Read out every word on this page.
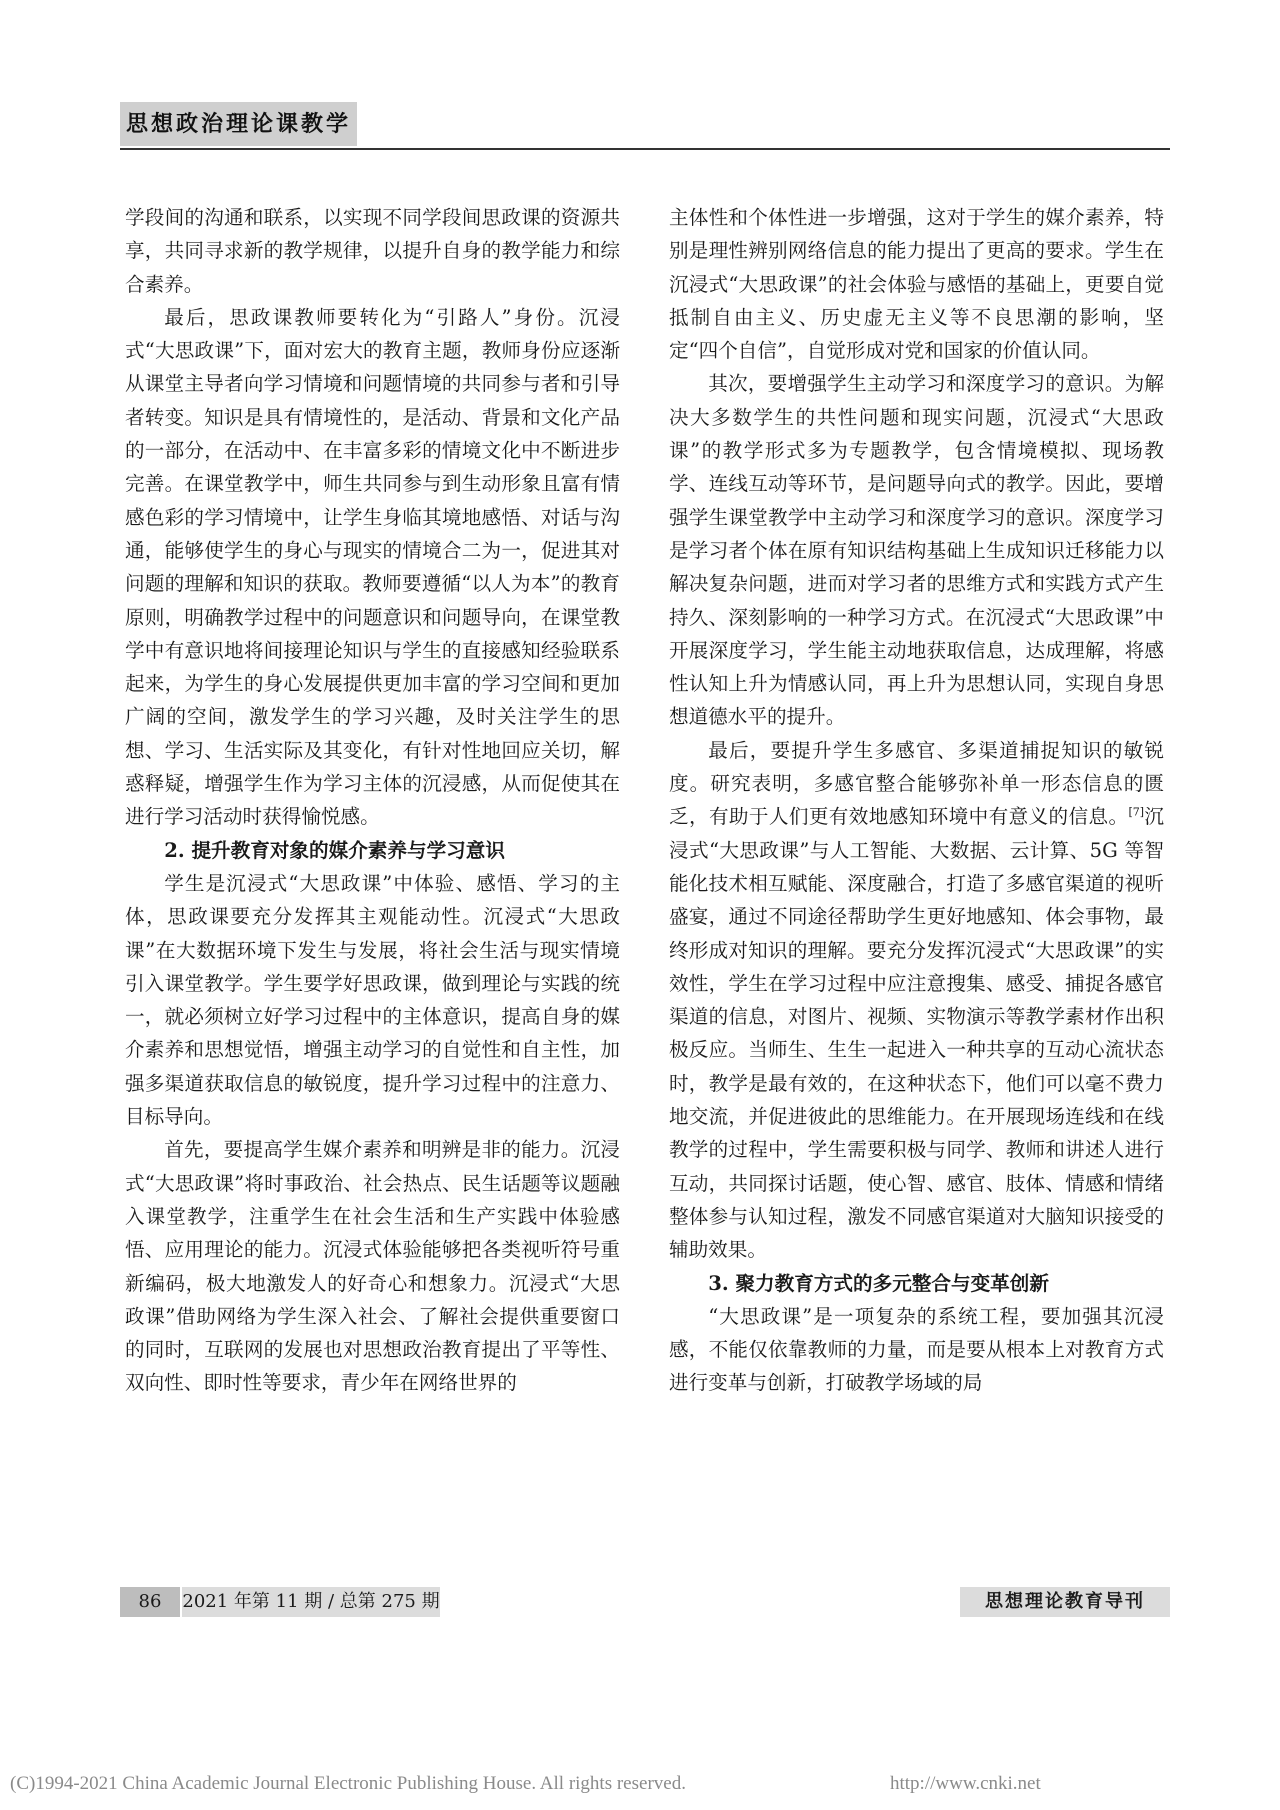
思想政治理论课教学

学段间的沟通和联系，以实现不同学段间思政课的资源共享，共同寻求新的教学规律，以提升自身的教学能力和综合素养。

最后，思政课教师要转化为“引路人”身份。沉浸式“大思政课”下，面对宏大的教育主题，教师身份应逐渐从课堂主导者向学习情境和问题情境的共同参与者和引导者转变。知识是具有情境性的，是活动、背景和文化产品的一部分，在活动中、在丰富多彩的情境文化中不断进步完善。在课堂教学中，师生共同参与到生动形象且富有情感色彩的学习情境中，让学生身临其境地感悟、对话与沟通，能够使学生的身心与现实的情境合二为一，促进其对问题的理解和知识的获取。教师要遵循“以人为本”的教育原则，明确教学过程中的问题意识和问题导向，在课堂教学中有意识地将间接理论知识与学生的直接感知经验联系起来，为学生的身心发展提供更加丰富的学习空间和更加广阔的空间，激发学生的学习兴趣，及时关注学生的思想、学习、生活实际及其变化，有针对性地回应关切，解惑释疑，增强学生作为学习主体的沉浸感，从而促使其在进行学习活动时获得愉悦感。

2. 提升教育对象的媒介素养与学习意识

学生是沉浸式“大思政课”中体验、感悟、学习的主体，思政课要充分发挥其主观能动性。沉浸式“大思政课”在大数据环境下发生与发展，将社会生活与现实情境引入课堂教学。学生要学好思政课，做到理论与实践的统一，就必须树立好学习过程中的主体意识，提高自身的媒介素养和思想觉悟，增强主动学习的自觉性和自主性，加强多渠道获取信息的敏锐度，提升学习过程中的注意力、目标导向。

首先，要提高学生媒介素养和明辨是非的能力。沉浸式“大思政课”将时事政治、社会热点、民生话题等议题融入课堂教学，注重学生在社会生活和生产实践中体验感悟、应用理论的能力。沉浸式体验能够把各类视听符号重新编码，极大地激发人的好奇心和想象力。沉浸式“大思政课”借助网络为学生深入社会、了解社会提供重要窗口的同时，互联网的发展也对思想政治教育提出了平等性、双向性、即时性等要求，青少年在网络世界的

主体性和个体性进一步增强，这对于学生的媒介素养，特别是理性辨别网络信息的能力提出了更高的要求。学生在沉浸式“大思政课”的社会体验与感悟的基础上，更要自觉抵制自由主义、历史虚无主义等不良思潮的影响，坚定“四个自信”，自觉形成对党和国家的价值认同。

其次，要增强学生主动学习和深度学习的意识。为解决大多数学生的共性问题和现实问题，沉浸式“大思政课”的教学形式多为专题教学，包含情境模拟、现场教学、连线互动等环节，是问题导向式的教学。因此，要增强学生课堂教学中主动学习和深度学习的意识。深度学习是学习者个体在原有知识结构基础上生成知识迁移能力以解决复杂问题，进而对学习者的思维方式和实践方式产生持久、深刻影响的一种学习方式。在沉浸式“大思政课”中开展深度学习，学生能主动地获取信息，达成理解，将感性认知上升为情感认同，再上升为思想认同，实现自身思想道德水平的提升。

最后，要提升学生多感官、多渠道捕捉知识的敏锐度。研究表明，多感官整合能够弥补单一形态信息的匮乏，有助于人们更有效地感知环境中有意义的信息。[7]沉浸式“大思政课”与人工智能、大数据、云计算、5G 等智能化技术相互赋能、深度融合，打造了多感官渠道的视听盛宴，通过不同途径帮助学生更好地感知、体会事物，最终形成对知识的理解。要充分发挥沉浸式“大思政课”的实效性，学生在学习过程中应注意搜集、感受、捕捉各感官渠道的信息，对图片、视频、实物演示等教学素材作出积极反应。当师生、生生一起进入一种共享的互动心流状态时，教学是最有效的，在这种状态下，他们可以毫不费力地交流，并促进彼此的思维能力。在开展现场连线和在线教学的过程中，学生需要积极与同学、教师和讲述人进行互动，共同探讨话题，使心智、感官、肢体、情感和情绪整体参与认知过程，激发不同感官渠道对大脑知识接受的辅助效果。

3. 聚力教育方式的多元整合与变革创新

“大思政课”是一项复杂的系统工程，要加强其沉浸感，不能仅依靠教师的力量，而是要从根本上对教育方式进行变革与创新，打破教学场域的局

86	2021 年第 11 期 / 总第 275 期	思想理论教育导刊
(C)1994-2021 China Academic Journal Electronic Publishing House. All rights reserved.	http://www.cnki.net
